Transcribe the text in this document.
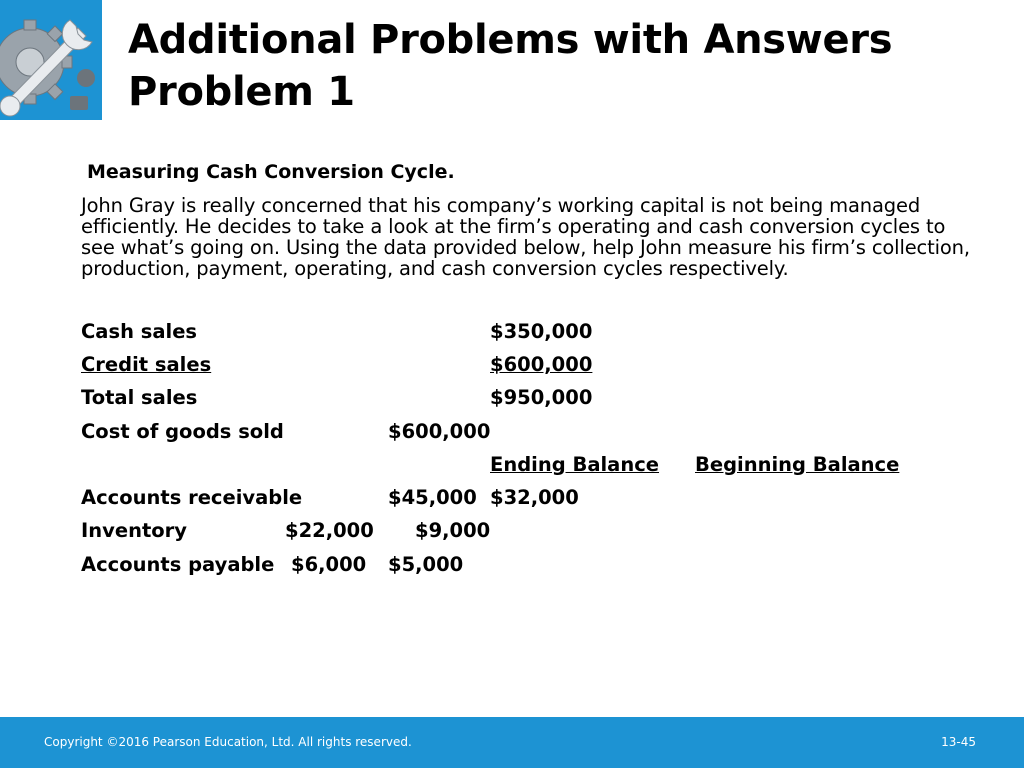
Additional Problems with Answers
Problem 1
Measuring Cash Conversion Cycle.
John Gray is really concerned that his company’s working capital is not being managed efficiently. He decides to take a look at the firm’s operating and cash conversion cycles to see what’s going on. Using the data provided below, help John measure his firm’s collection, production, payment, operating, and cash conversion cycles respectively.
Cash sales	$350,000
Credit sales	$600,000
Total sales	$950,000
Cost of goods sold	$600,000
Ending Balance Beginning Balance
Accounts receivable	$45,000 $32,000
Inventory	$22,000 $9,000
Accounts payable $6,000 $5,000
Copyright ©2016 Pearson Education, Ltd. All rights reserved.	13-45
